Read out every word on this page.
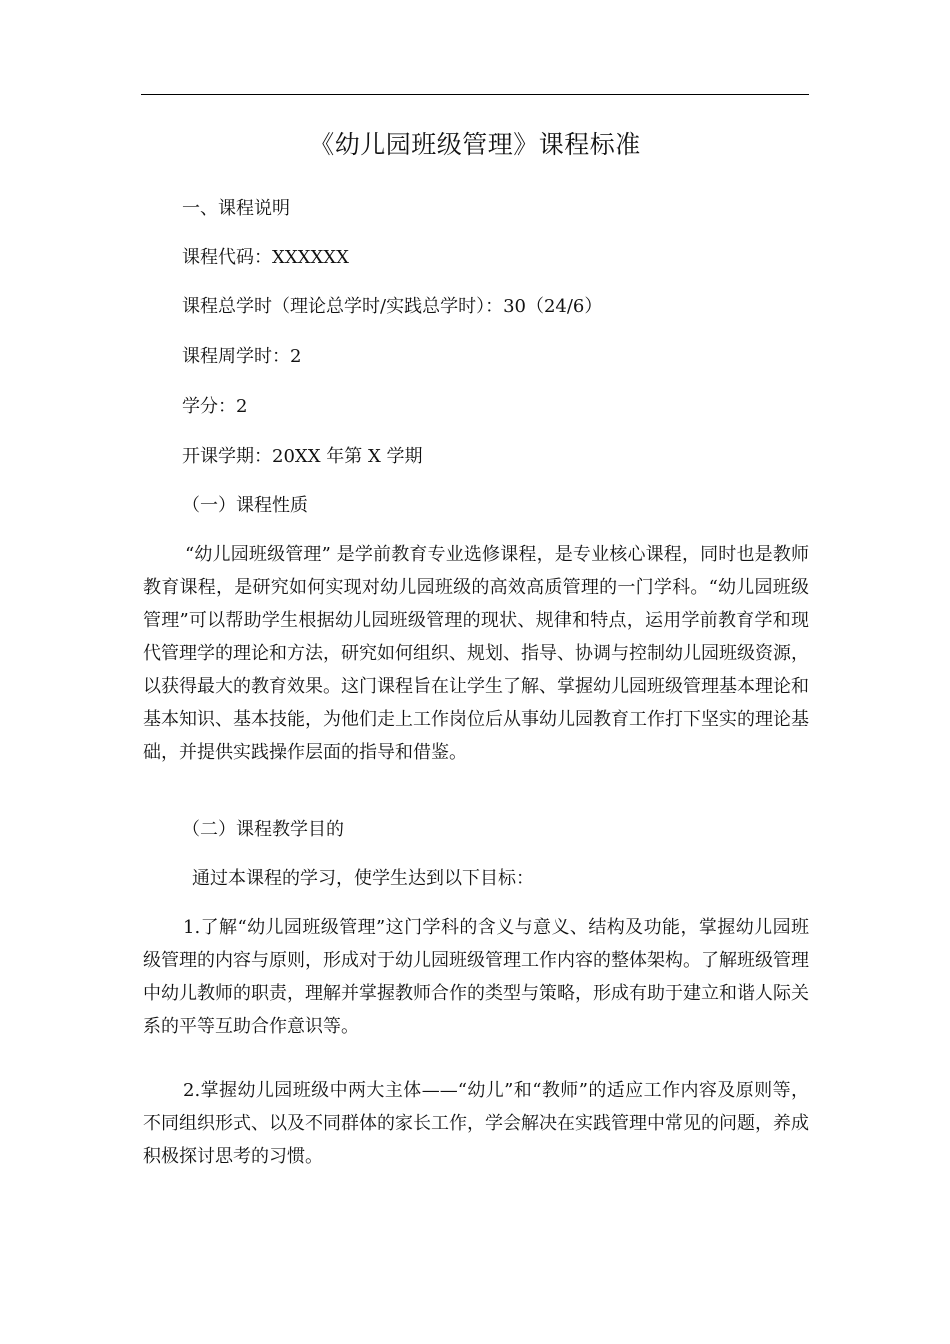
《幼儿园班级管理》课程标准
一、课程说明
课程代码：XXXXXX
课程总学时（理论总学时/实践总学时）：30（24/6）
课程周学时：2
学分：2
开课学期：20XX 年第 X 学期
（一）课程性质
“幼儿园班级管理” 是学前教育专业选修课程，是专业核心课程，同时也是教师教育课程，是研究如何实现对幼儿园班级的高效高质管理的一门学科。“幼儿园班级管理”可以帮助学生根据幼儿园班级管理的现状、规律和特点，运用学前教育学和现代管理学的理论和方法，研究如何组织、规划、指导、协调与控制幼儿园班级资源，以获得最大的教育效果。这门课程旨在让学生了解、掌握幼儿园班级管理基本理论和基本知识、基本技能，为他们走上工作岗位后从事幼儿园教育工作打下坚实的理论基础，并提供实践操作层面的指导和借鉴。
（二）课程教学目的
通过本课程的学习，使学生达到以下目标：
1.了解“幼儿园班级管理”这门学科的含义与意义、结构及功能，掌握幼儿园班级管理的内容与原则，形成对于幼儿园班级管理工作内容的整体架构。了解班级管理中幼儿教师的职责，理解并掌握教师合作的类型与策略，形成有助于建立和谐人际关系的平等互助合作意识等。
2.掌握幼儿园班级中两大主体——“幼儿”和“教师”的适应工作内容及原则等，不同组织形式、以及不同群体的家长工作，学会解决在实践管理中常见的问题，养成积极探讨思考的习惯。
